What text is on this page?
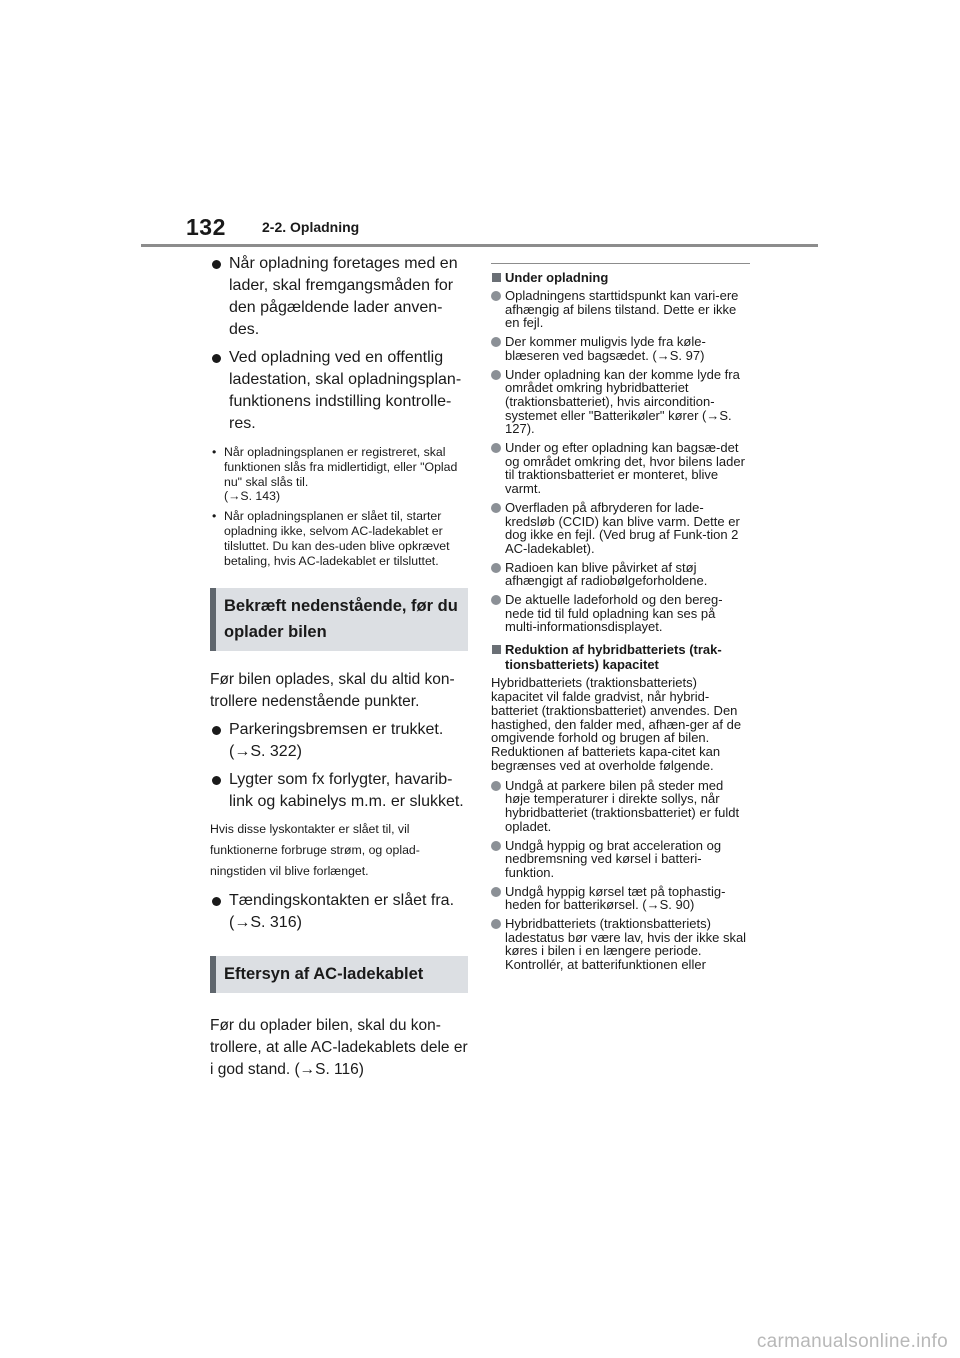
132	2-2. Opladning
Når opladning foretages med en lader, skal fremgangsmåden for den pågældende lader anven-des.
Ved opladning ved en offentlig ladestation, skal opladningsplan-funktionens indstilling kontrolle-res.
• Når opladningsplanen er registreret, skal funktionen slås fra midlertidigt, eller "Oplad nu" skal slås til.
(→S. 143)
• Når opladningsplanen er slået til, starter opladning ikke, selvom AC-ladekablet er tilsluttet. Du kan des-uden blive opkrævet betaling, hvis AC-ladekablet er tilsluttet.
Bekræft nedenstående, før du oplader bilen
Før bilen oplades, skal du altid kon-trollere nedenstående punkter.
Parkeringsbremsen er trukket. (→S. 322)
Lygter som fx forlygter, havarib-link og kabinelys m.m. er slukket.
Hvis disse lyskontakter er slået til, vil funktionerne forbruge strøm, og oplad-ningstiden vil blive forlænget.
Tændingskontakten er slået fra. (→S. 316)
Eftersyn af AC-ladekablet
Før du oplader bilen, skal du kon-trollere, at alle AC-ladekablets dele er i god stand. (→S. 116)
Under opladning
Opladningens starttidspunkt kan vari-ere afhængig af bilens tilstand. Dette er ikke en fejl.
Der kommer muligvis lyde fra køle-blæseren ved bagsædet. (→S. 97)
Under opladning kan der komme lyde fra området omkring hybridbatteriet (traktionsbatteriet), hvis aircondition-systemet eller "Batterikøler" kører (→S. 127).
Under og efter opladning kan bagsæ-det og området omkring det, hvor bilens lader til traktionsbatteriet er monteret, blive varmt.
Overfladen på afbryderen for lade-kredsløb (CCID) kan blive varm. Dette er dog ikke en fejl. (Ved brug af Funk-tion 2 AC-ladekablet).
Radioen kan blive påvirket af støj afhængigt af radiobølgeforholdene.
De aktuelle ladeforhold og den bereg-nede tid til fuld opladning kan ses på multi-informationsdisplayet.
Reduktion af hybridbatteriets (trak-tionsbatteriets) kapacitet
Hybridbatteriets (traktionsbatteriets) kapacitet vil falde gradvist, når hybrid-batteriet (traktionsbatteriet) anvendes. Den hastighed, den falder med, afhæn-ger af de omgivende forhold og brugen af bilen. Reduktionen af batteriets kapa-citet kan begrænses ved at overholde følgende.
Undgå at parkere bilen på steder med høje temperaturer i direkte sollys, når hybridbatteriet (traktionsbatteriet) er fuldt opladet.
Undgå hyppig og brat acceleration og nedbremsning ved kørsel i batteri-funktion.
Undgå hyppig kørsel tæt på tophastig-heden for batterikørsel. (→S. 90)
Hybridbatteriets (traktionsbatteriets) ladestatus bør være lav, hvis der ikke skal køres i bilen i en længere periode. Kontrollér, at batterifunktionen eller
carmanualsonline.info
